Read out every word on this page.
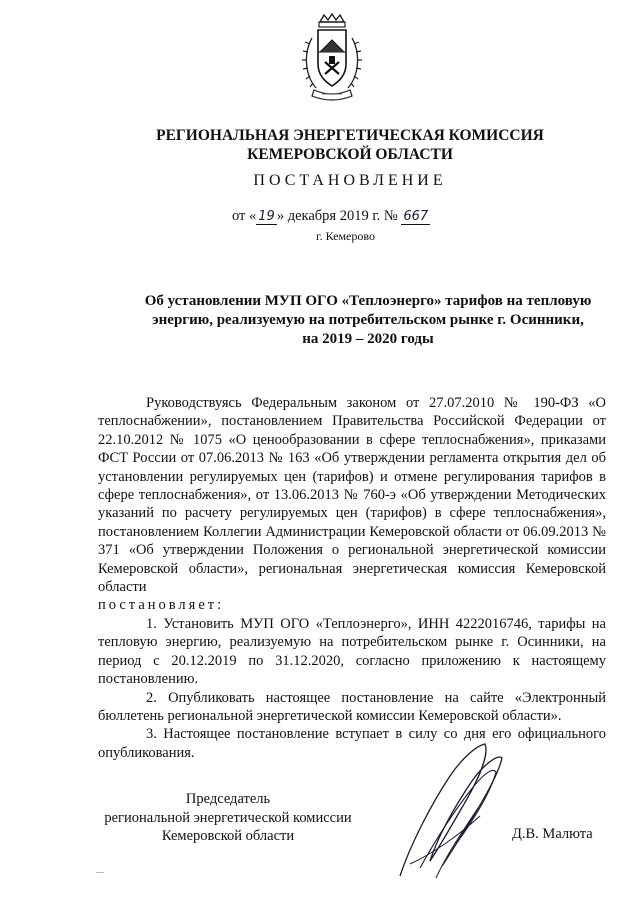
РЕГИОНАЛЬНАЯ ЭНЕРГЕТИЧЕСКАЯ КОМИССИЯ
КЕМЕРОВСКОЙ ОБЛАСТИ
ПОСТАНОВЛЕНИЕ
от « 19 » декабря 2019 г. № 667
г. Кемерово
Об установлении МУП ОГО «Теплоэнерго» тарифов на тепловую
энергию, реализуемую на потребительском рынке г. Осинники,
на 2019 – 2020 годы

Руководствуясь Федеральным законом от 27.07.2010 № 190-ФЗ «О теплоснабжении», постановлением Правительства Российской Федерации от 22.10.2012 № 1075 «О ценообразовании в сфере теплоснабжения», приказами ФСТ России от 07.06.2013 № 163 «Об утверждении регламента открытия дел об установлении регулируемых цен (тарифов) и отмене регулирования тарифов в сфере теплоснабжения», от 13.06.2013 № 760-э «Об утверждении Методических указаний по расчету регулируемых цен (тарифов) в сфере теплоснабжения», постановлением Коллегии Администрации Кемеровской области от 06.09.2013 № 371 «Об утверждении Положения о региональной энергетической комиссии Кемеровской области», региональная энергетическая комиссия Кемеровской области

постановляет:

1. Установить МУП ОГО «Теплоэнерго», ИНН 4222016746, тарифы на тепловую энергию, реализуемую на потребительском рынке г. Осинники, на период с 20.12.2019 по 31.12.2020, согласно приложению к настоящему постановлению.

2. Опубликовать настоящее постановление на сайте «Электронный бюллетень региональной энергетической комиссии Кемеровской области».

3. Настоящее постановление вступает в силу со дня его официального опубликования.

Председатель
региональной энергетической комиссии
Кемеровской области	Д.В. Малюта
